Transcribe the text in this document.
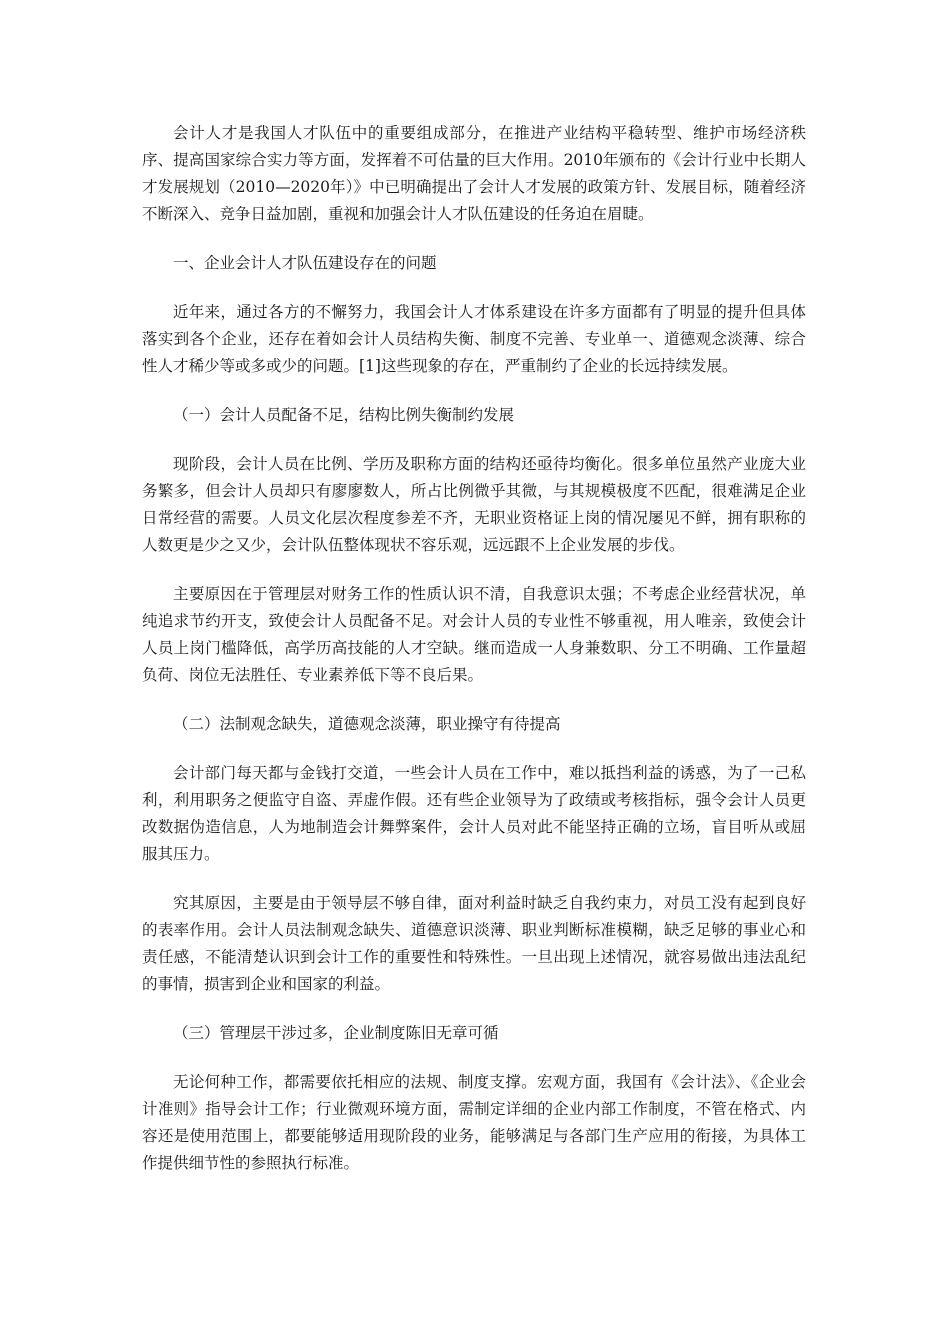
会计人才是我国人才队伍中的重要组成部分，在推进产业结构平稳转型、维护市场经济秩序、提高国家综合实力等方面，发挥着不可估量的巨大作用。2010年颁布的《会计行业中长期人才发展规划（2010—2020年）》中已明确提出了会计人才发展的政策方针、发展目标，随着经济不断深入、竞争日益加剧，重视和加强会计人才队伍建设的任务迫在眉睫。

一、企业会计人才队伍建设存在的问题

近年来，通过各方的不懈努力，我国会计人才体系建设在许多方面都有了明显的提升但具体落实到各个企业，还存在着如会计人员结构失衡、制度不完善、专业单一、道德观念淡薄、综合性人才稀少等或多或少的问题。[1]这些现象的存在，严重制约了企业的长远持续发展。

（一）会计人员配备不足，结构比例失衡制约发展

现阶段，会计人员在比例、学历及职称方面的结构还亟待均衡化。很多单位虽然产业庞大业务繁多，但会计人员却只有廖廖数人，所占比例微乎其微，与其规模极度不匹配，很难满足企业日常经营的需要。人员文化层次程度参差不齐，无职业资格证上岗的情况屡见不鲜，拥有职称的人数更是少之又少，会计队伍整体现状不容乐观，远远跟不上企业发展的步伐。

主要原因在于管理层对财务工作的性质认识不清，自我意识太强；不考虑企业经营状况，单纯追求节约开支，致使会计人员配备不足。对会计人员的专业性不够重视，用人唯亲，致使会计人员上岗门槛降低，高学历高技能的人才空缺。继而造成一人身兼数职、分工不明确、工作量超负荷、岗位无法胜任、专业素养低下等不良后果。

（二）法制观念缺失，道德观念淡薄，职业操守有待提高

会计部门每天都与金钱打交道，一些会计人员在工作中，难以抵挡利益的诱惑，为了一己私利，利用职务之便监守自盗、弄虚作假。还有些企业领导为了政绩或考核指标，强令会计人员更改数据伪造信息，人为地制造会计舞弊案件，会计人员对此不能坚持正确的立场，盲目听从或屈服其压力。

究其原因，主要是由于领导层不够自律，面对利益时缺乏自我约束力，对员工没有起到良好的表率作用。会计人员法制观念缺失、道德意识淡薄、职业判断标准模糊，缺乏足够的事业心和责任感，不能清楚认识到会计工作的重要性和特殊性。一旦出现上述情况，就容易做出违法乱纪的事情，损害到企业和国家的利益。

（三）管理层干涉过多，企业制度陈旧无章可循

无论何种工作，都需要依托相应的法规、制度支撑。宏观方面，我国有《会计法》、《企业会计准则》指导会计工作；行业微观环境方面，需制定详细的企业内部工作制度，不管在格式、内容还是使用范围上，都要能够适用现阶段的业务，能够满足与各部门生产应用的衔接，为具体工作提供细节性的参照执行标准。
